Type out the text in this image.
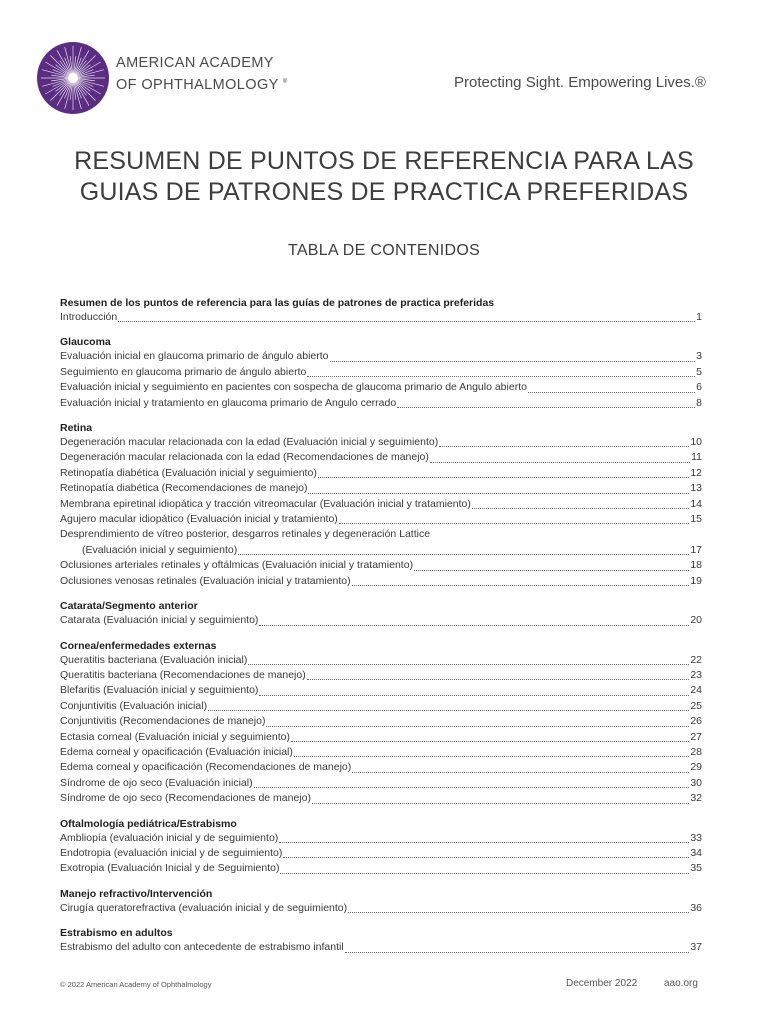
AMERICAN ACADEMY
OF OPHTHALMOLOGY ®	Protecting Sight. Empowering Lives.®
RESUMEN DE PUNTOS DE REFERENCIA PARA LAS
GUIAS DE PATRONES DE PRACTICA PREFERIDAS
TABLA DE CONTENIDOS
Resumen de los puntos de referencia para las guías de patrones de practica preferidas
Introducción	1
Glaucoma
Evaluación inicial en glaucoma primario de ángulo abierto	3
Seguimiento en glaucoma primario de ángulo abierto	5
Evaluación inicial y seguimiento en pacientes con sospecha de glaucoma primario de Angulo abierto	6
Evaluación inicial y tratamiento en glaucoma primario de Angulo cerrado	8
Retina
Degeneración macular relacionada con la edad (Evaluación inicial y seguimiento)	10
Degeneración macular relacionada con la edad (Recomendaciones de manejo)	11
Retinopatía diabética (Evaluación inicial y seguimiento)	12
Retinopatía diabética (Recomendaciones de manejo)	13
Membrana epiretinal idiopática y tracción vitreomacular (Evaluación inicial y tratamiento)	14
Agujero macular idiopático (Evaluación inicial y tratamiento)	15
Desprendimiento de vítreo posterior, desgarros retinales y degeneración Lattice
(Evaluación inicial y seguimiento)	17
Oclusiones arteriales retinales y oftálmicas (Evaluación inicial y tratamiento)	18
Oclusiones venosas retinales (Evaluación inicial y tratamiento)	19
Catarata/Segmento anterior
Catarata (Evaluación inicial y seguimiento)	20
Cornea/enfermedades externas
Queratitis bacteriana (Evaluación inicial)	22
Queratitis bacteriana (Recomendaciones de manejo)	23
Blefaritis (Evaluación inicial y seguimiento)	24
Conjuntivitis (Evaluación inicial)	25
Conjuntivitis (Recomendaciones de manejo)	26
Ectasia corneal (Evaluación inicial y seguimiento)	27
Edema corneal y opacificación (Evaluación inicial)	28
Edema corneal y opacificación (Recomendaciones de manejo)	29
Síndrome de ojo seco (Evaluación inicial)	30
Síndrome de ojo seco (Recomendaciones de manejo)	32
Oftalmología pediátrica/Estrabismo
Ambliopía (evaluación inicial y de seguimiento)	33
Endotropia (evaluación inicial y de seguimiento)	34
Exotropia (Evaluación Inicial y de Seguimiento)	35
Manejo refractivo/Intervención
Cirugía queratorefractiva (evaluación inicial y de seguimiento)	36
Estrabismo en adultos
Estrabismo del adulto con antecedente de estrabismo infantil	37
© 2022 American Academy of Ophthalmology	December 2022	aao.org
